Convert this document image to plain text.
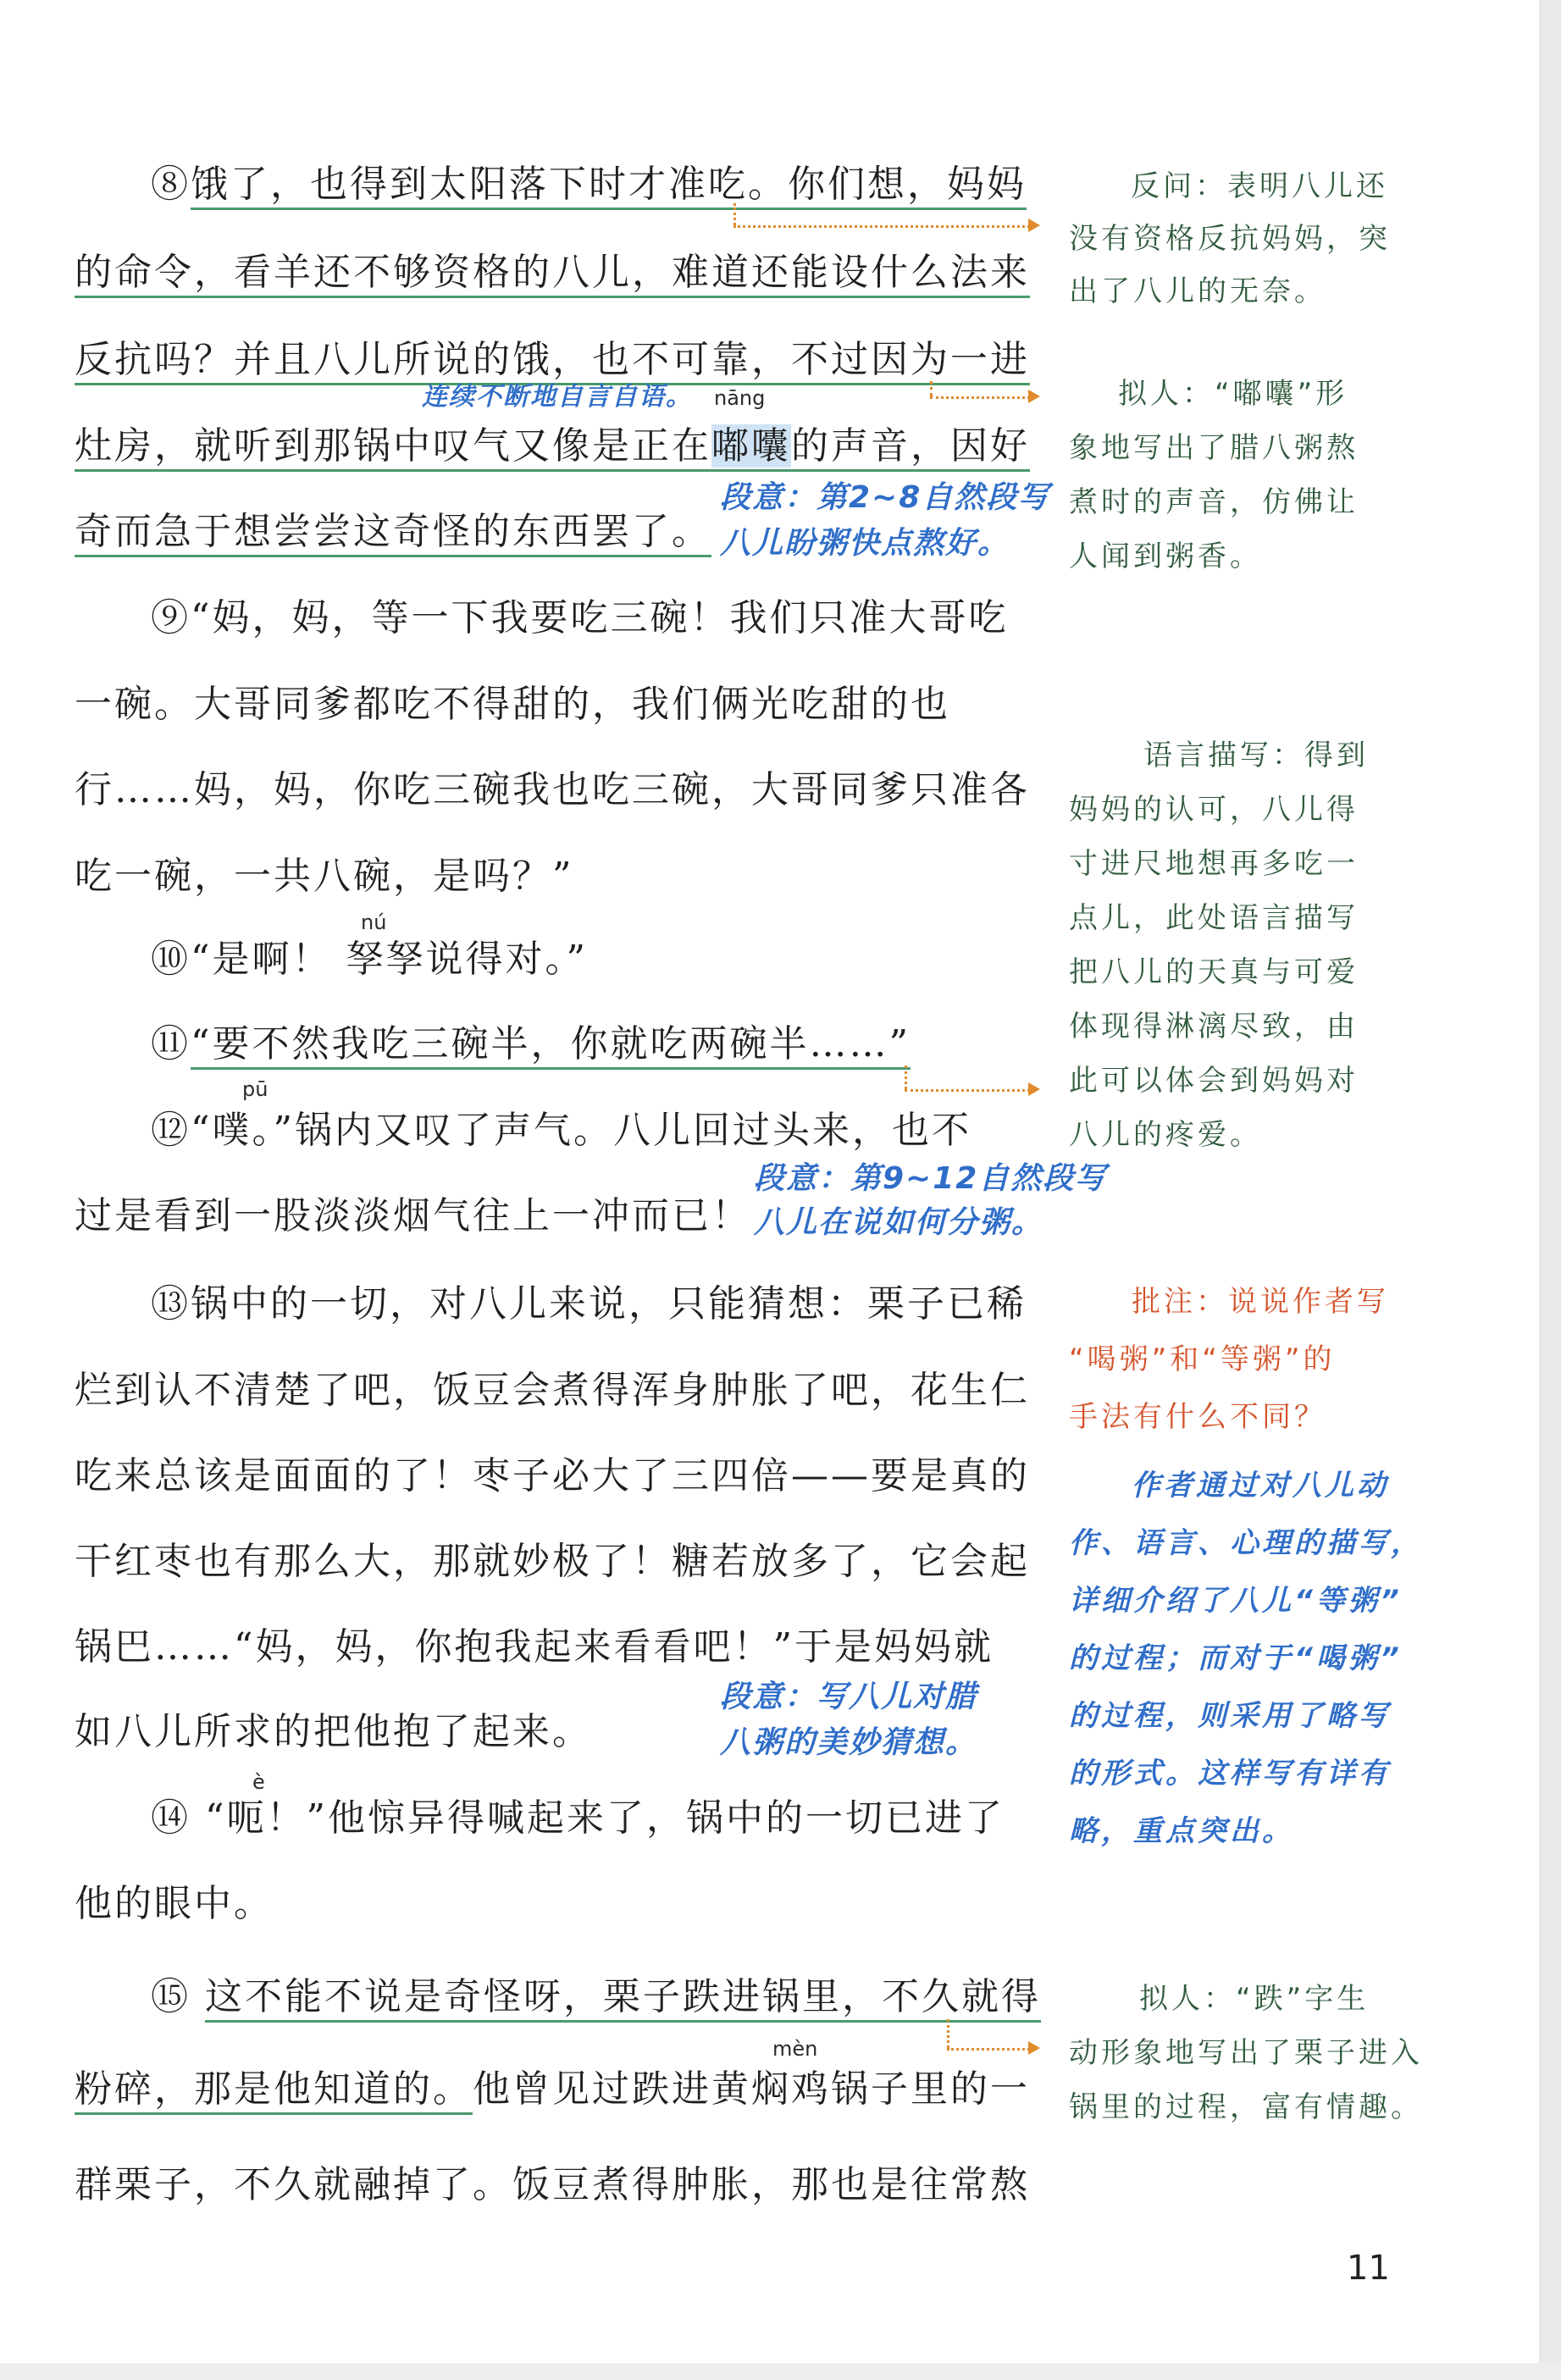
⑧饿了，也得到太阳落下时才准吃。你们想，妈妈
的命令，看羊还不够资格的八儿，难道还能设什么法来
反抗吗？并且八儿所说的饿，也不可靠，不过因为一进
nāng
连续不断地自言自语。
灶房，就听到那锅中叹气又像是正在嘟囔的声音，因好
奇而急于想尝尝这奇怪的东西罢了。
段意：第2~8自然段写
八儿盼粥快点熬好。
⑨“妈，妈，等一下我要吃三碗！我们只准大哥吃
一碗。大哥同爹都吃不得甜的，我们俩光吃甜的也
行……妈，妈，你吃三碗我也吃三碗，大哥同爹只准各
吃一碗，一共八碗，是吗？”
nú
⑩“是啊！ 孥孥说得对。”
⑪“要不然我吃三碗半，你就吃两碗半……”
pū
⑫“噗。”锅内又叹了声气。八儿回过头来，也不
过是看到一股淡淡烟气往上一冲而已！
段意：第9~12自然段写
八儿在说如何分粥。
⑬锅中的一切，对八儿来说，只能猜想：栗子已稀
烂到认不清楚了吧，饭豆会煮得浑身肿胀了吧，花生仁
吃来总该是面面的了！枣子必大了三四倍——要是真的
干红枣也有那么大，那就妙极了！糖若放多了，它会起
锅巴……“妈，妈，你抱我起来看看吧！”于是妈妈就
如八儿所求的把他抱了起来。
段意：写八儿对腊
八粥的美妙猜想。
è
⑭ “呃！”他惊异得喊起来了，锅中的一切已进了
他的眼中。
⑮ 这不能不说是奇怪呀，栗子跌进锅里，不久就得
mèn
粉碎，那是他知道的。他曾见过跌进黄焖鸡锅子里的一
群栗子，不久就融掉了。饭豆煮得肿胀，那也是往常熬
反问：表明八儿还
没有资格反抗妈妈，突
出了八儿的无奈。
拟人：“嘟囔”形
象地写出了腊八粥熬
煮时的声音，仿佛让
人闻到粥香。
语言描写：得到
妈妈的认可，八儿得
寸进尺地想再多吃一
点儿，此处语言描写
把八儿的天真与可爱
体现得淋漓尽致，由
此可以体会到妈妈对
八儿的疼爱。
批注：说说作者写
“喝粥”和“等粥”的
手法有什么不同？
作者通过对八儿动
作、语言、心理的描写，
详细介绍了八儿“等粥”
的过程；而对于“喝粥”
的过程，则采用了略写
的形式。这样写有详有
略，重点突出。
拟人：“跌”字生
动形象地写出了栗子进入
锅里的过程，富有情趣。
11
